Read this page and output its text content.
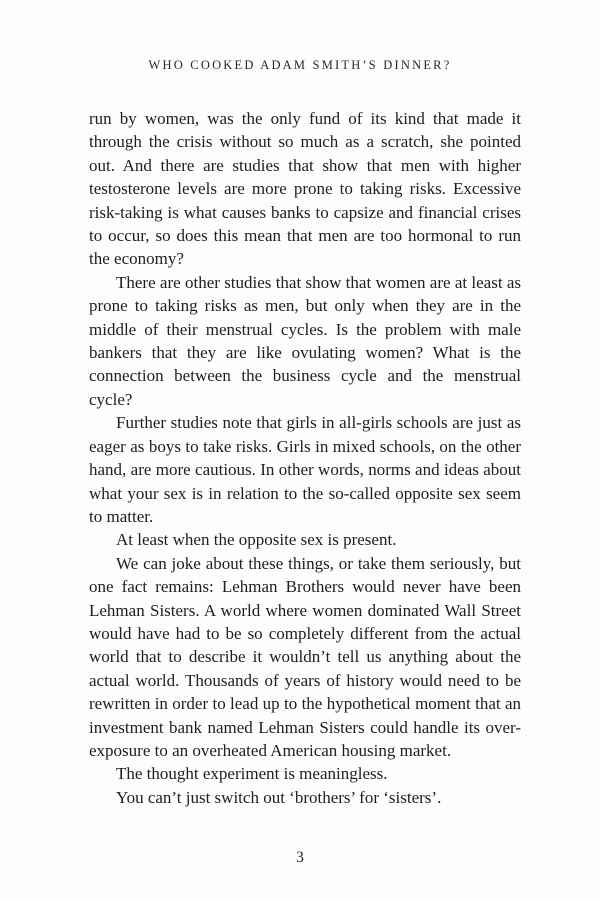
WHO COOKED ADAM SMITH’S DINNER?

run by women, was the only fund of its kind that made it through the crisis without so much as a scratch, she pointed out. And there are studies that show that men with higher testosterone levels are more prone to taking risks. Excessive risk-taking is what causes banks to capsize and financial crises to occur, so does this mean that men are too hormonal to run the economy?

There are other studies that show that women are at least as prone to taking risks as men, but only when they are in the middle of their menstrual cycles. Is the problem with male bankers that they are like ovulating women? What is the connection between the business cycle and the menstrual cycle?

Further studies note that girls in all-girls schools are just as eager as boys to take risks. Girls in mixed schools, on the other hand, are more cautious. In other words, norms and ideas about what your sex is in relation to the so-called opposite sex seem to matter.

At least when the opposite sex is present.

We can joke about these things, or take them seriously, but one fact remains: Lehman Brothers would never have been Lehman Sisters. A world where women dominated Wall Street would have had to be so completely different from the actual world that to describe it wouldn’t tell us anything about the actual world. Thousands of years of history would need to be rewritten in order to lead up to the hypothetical moment that an investment bank named Lehman Sisters could handle its over-exposure to an overheated American housing market.

The thought experiment is meaningless.

You can’t just switch out ‘brothers’ for ‘sisters’.

3
